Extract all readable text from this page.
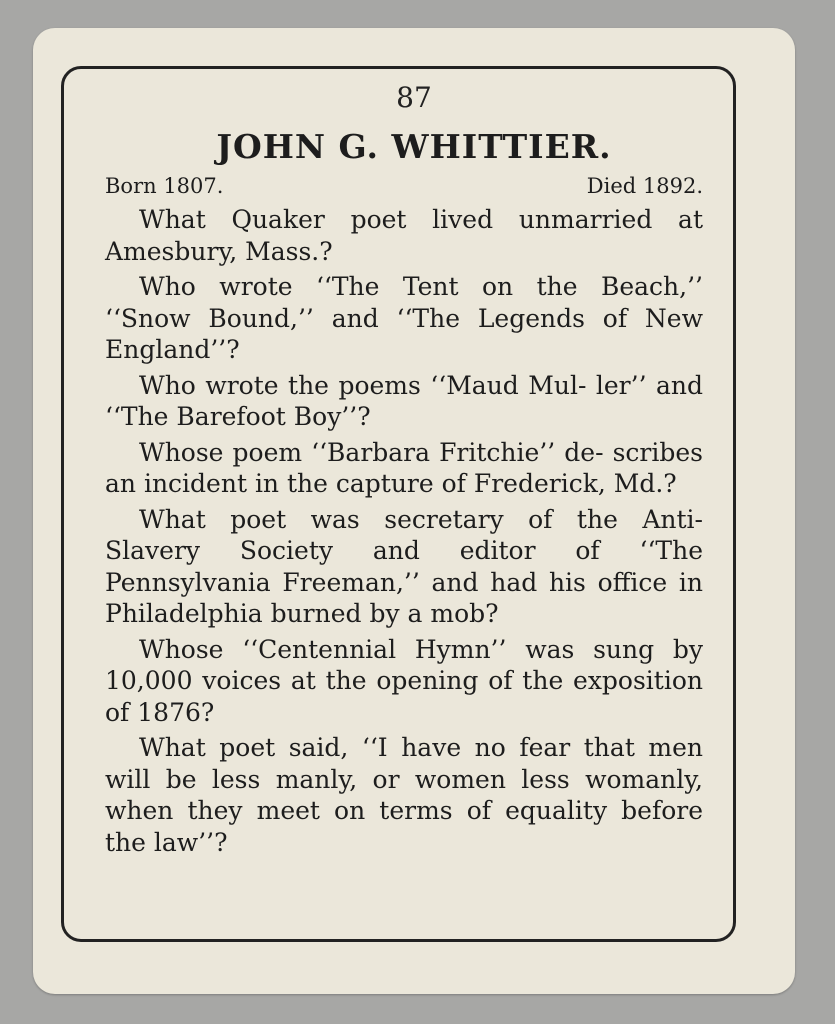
87
JOHN G. WHITTIER.
Born 1807.	Died 1892.

What Quaker poet lived unmarried at Amesbury, Mass.?

Who wrote ‘‘The Tent on the Beach,’’ ‘‘Snow Bound,’’ and ‘‘The Legends of New England’’?

Who wrote the poems ‘‘Maud Mul- ler’’ and ‘‘The Barefoot Boy’’?

Whose poem ‘‘Barbara Fritchie’’ de- scribes an incident in the capture of Frederick, Md.?

What poet was secretary of the Anti- Slavery Society and editor of ‘‘The Pennsylvania Freeman,’’ and had his office in Philadelphia burned by a mob?

Whose ‘‘Centennial Hymn’’ was sung by 10,000 voices at the opening of the exposition of 1876?

What poet said, ‘‘I have no fear that men will be less manly, or women less womanly, when they meet on terms of equality before the law’’?
